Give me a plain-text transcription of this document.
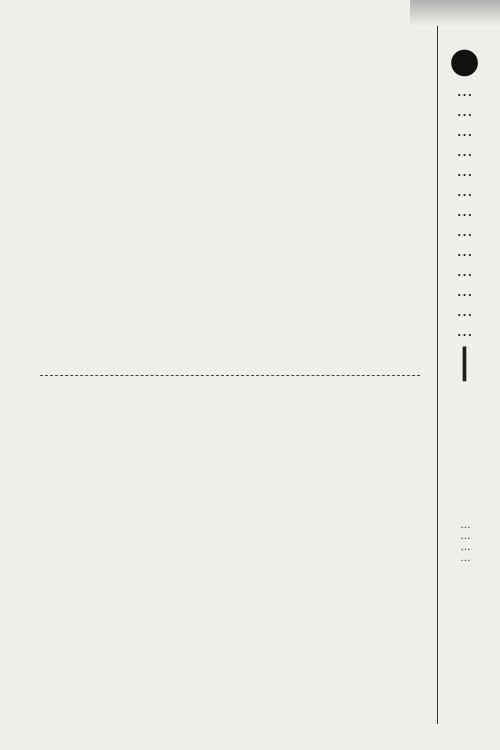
●…………………………………|
…………
